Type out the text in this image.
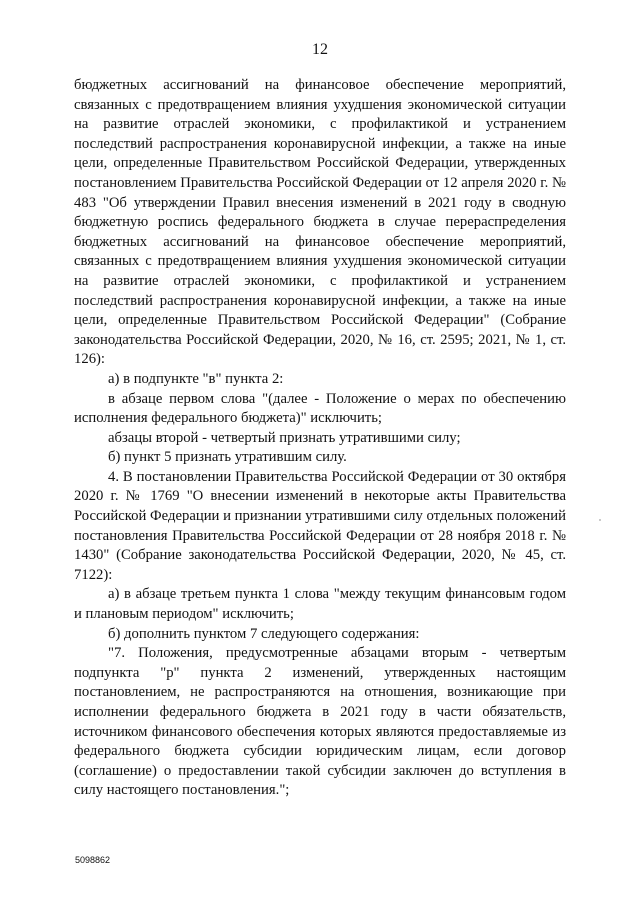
12

бюджетных ассигнований на финансовое обеспечение мероприятий, связанных с предотвращением влияния ухудшения экономической ситуации на развитие отраслей экономики, с профилактикой и устранением последствий распространения коронавирусной инфекции, а также на иные цели, определенные Правительством Российской Федерации, утвержденных постановлением Правительства Российской Федерации от 12 апреля 2020 г. № 483 "Об утверждении Правил внесения изменений в 2021 году в сводную бюджетную роспись федерального бюджета в случае перераспределения бюджетных ассигнований на финансовое обеспечение мероприятий, связанных с предотвращением влияния ухудшения экономической ситуации на развитие отраслей экономики, с профилактикой и устранением последствий распространения коронавирусной инфекции, а также на иные цели, определенные Правительством Российской Федерации" (Собрание законодательства Российской Федерации, 2020, № 16, ст. 2595; 2021, № 1, ст. 126):

а) в подпункте "в" пункта 2:

в абзаце первом слова "(далее - Положение о мерах по обеспечению исполнения федерального бюджета)" исключить;

абзацы второй - четвертый признать утратившими силу;

б) пункт 5 признать утратившим силу.

4. В постановлении Правительства Российской Федерации от 30 октября 2020 г. № 1769 "О внесении изменений в некоторые акты Правительства Российской Федерации и признании утратившими силу отдельных положений постановления Правительства Российской Федерации от 28 ноября 2018 г. № 1430" (Собрание законодательства Российской Федерации, 2020, № 45, ст. 7122):

а) в абзаце третьем пункта 1 слова "между текущим финансовым годом и плановым периодом" исключить;

б) дополнить пунктом 7 следующего содержания:

"7. Положения, предусмотренные абзацами вторым - четвертым подпункта "р" пункта 2 изменений, утвержденных настоящим постановлением, не распространяются на отношения, возникающие при исполнении федерального бюджета в 2021 году в части обязательств, источником финансового обеспечения которых являются предоставляемые из федерального бюджета субсидии юридическим лицам, если договор (соглашение) о предоставлении такой субсидии заключен до вступления в силу настоящего постановления.";

5098862
